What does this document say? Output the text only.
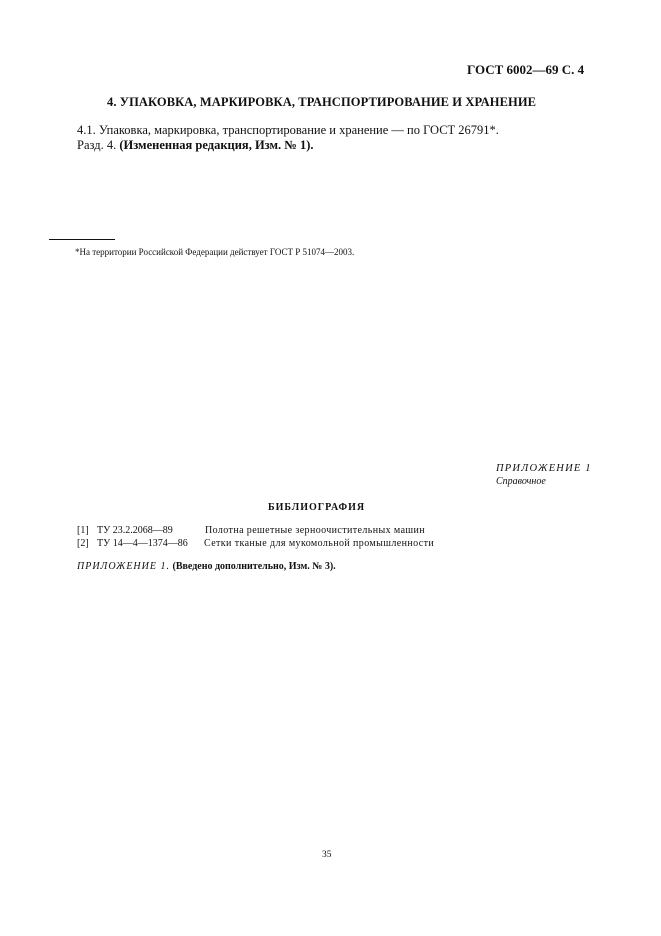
ГОСТ 6002—69 С. 4
4. УПАКОВКА, МАРКИРОВКА, ТРАНСПОРТИРОВАНИЕ И ХРАНЕНИЕ
4.1. Упаковка, маркировка, транспортирование и хранение — по ГОСТ 26791*.
Разд. 4. (Измененная редакция, Изм. № 1).
*На территории Российской Федерации действует ГОСТ Р 51074—2003.
ПРИЛОЖЕНИЕ 1
Справочное
БИБЛИОГРАФИЯ
[1] ТУ 23.2.2068—89	Полотна решетные зерноочистительных машин
[2] ТУ 14—4—1374—86 Сетки тканые для мукомольной промышленности
ПРИЛОЖЕНИЕ 1. (Введено дополнительно, Изм. № 3).
35
